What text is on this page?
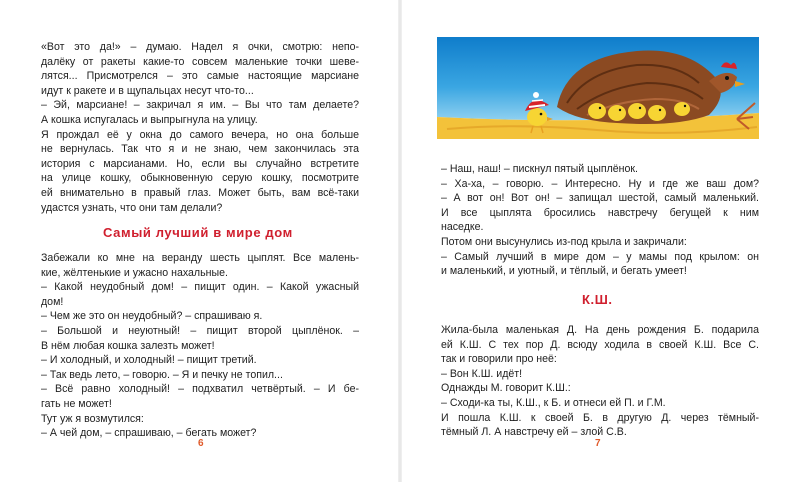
«Вот это да!» – думаю. Надел я очки, смотрю: непо-
далёку от ракеты какие-то совсем маленькие точки шеве-
лятся... Присмотрелся – это самые настоящие марсиане
идут к ракете и в щупальцах несут что-то...
– Эй, марсиане! – закричал я им. – Вы что там делаете?
А кошка испугалась и выпрыгнула на улицу.
Я прождал её у окна до самого вечера, но она больше
не вернулась. Так что я и не знаю, чем закончилась эта
история с марсианами. Но, если вы случайно встретите
на улице кошку, обыкновенную серую кошку, посмотрите
ей внимательно в правый глаз. Может быть, вам всё-таки
удастся узнать, что они там делали?
Самый лучший в мире дом
Забежали ко мне на веранду шесть цыплят. Все малень-
кие, жёлтенькие и ужасно нахальные.
– Какой неудобный дом! – пищит один. – Какой ужасный
дом!
– Чем же это он неудобный? – спрашиваю я.
– Большой и неуютный! – пищит второй цыплёнок. –
В нём любая кошка залезть может!
– И холодный, и холодный! – пищит третий.
– Так ведь лето, – говорю. – Я и печку не топил...
– Всё равно холодный! – подхватил четвёртый. – И бе-
гать не может!
Тут уж я возмутился:
– А чей дом, – спрашиваю, – бегать может?
6
– Наш, наш! – пискнул пятый цыплёнок.
– Ха-ха, – говорю. – Интересно. Ну и где же ваш дом?
– А вот он! Вот он! – запищал шестой, самый маленький.
И все цыплята бросились навстречу бегущей к ним
наседке.
Потом они высунулись из-под крыла и закричали:
– Самый лучший в мире дом – у мамы под крылом: он
и маленький, и уютный, и тёплый, и бегать умеет!
К.Ш.
Жила-была маленькая Д. На день рождения Б. подарила
ей К.Ш. С тех пор Д. всюду ходила в своей К.Ш. Все С.
так и говорили про неё:
– Вон К.Ш. идёт!
Однажды М. говорит К.Ш.:
– Сходи-ка ты, К.Ш., к Б. и отнеси ей П. и Г.М.
И пошла К.Ш. к своей Б. в другую Д. через тёмный-
тёмный Л. А навстречу ей – злой С.В.
7
